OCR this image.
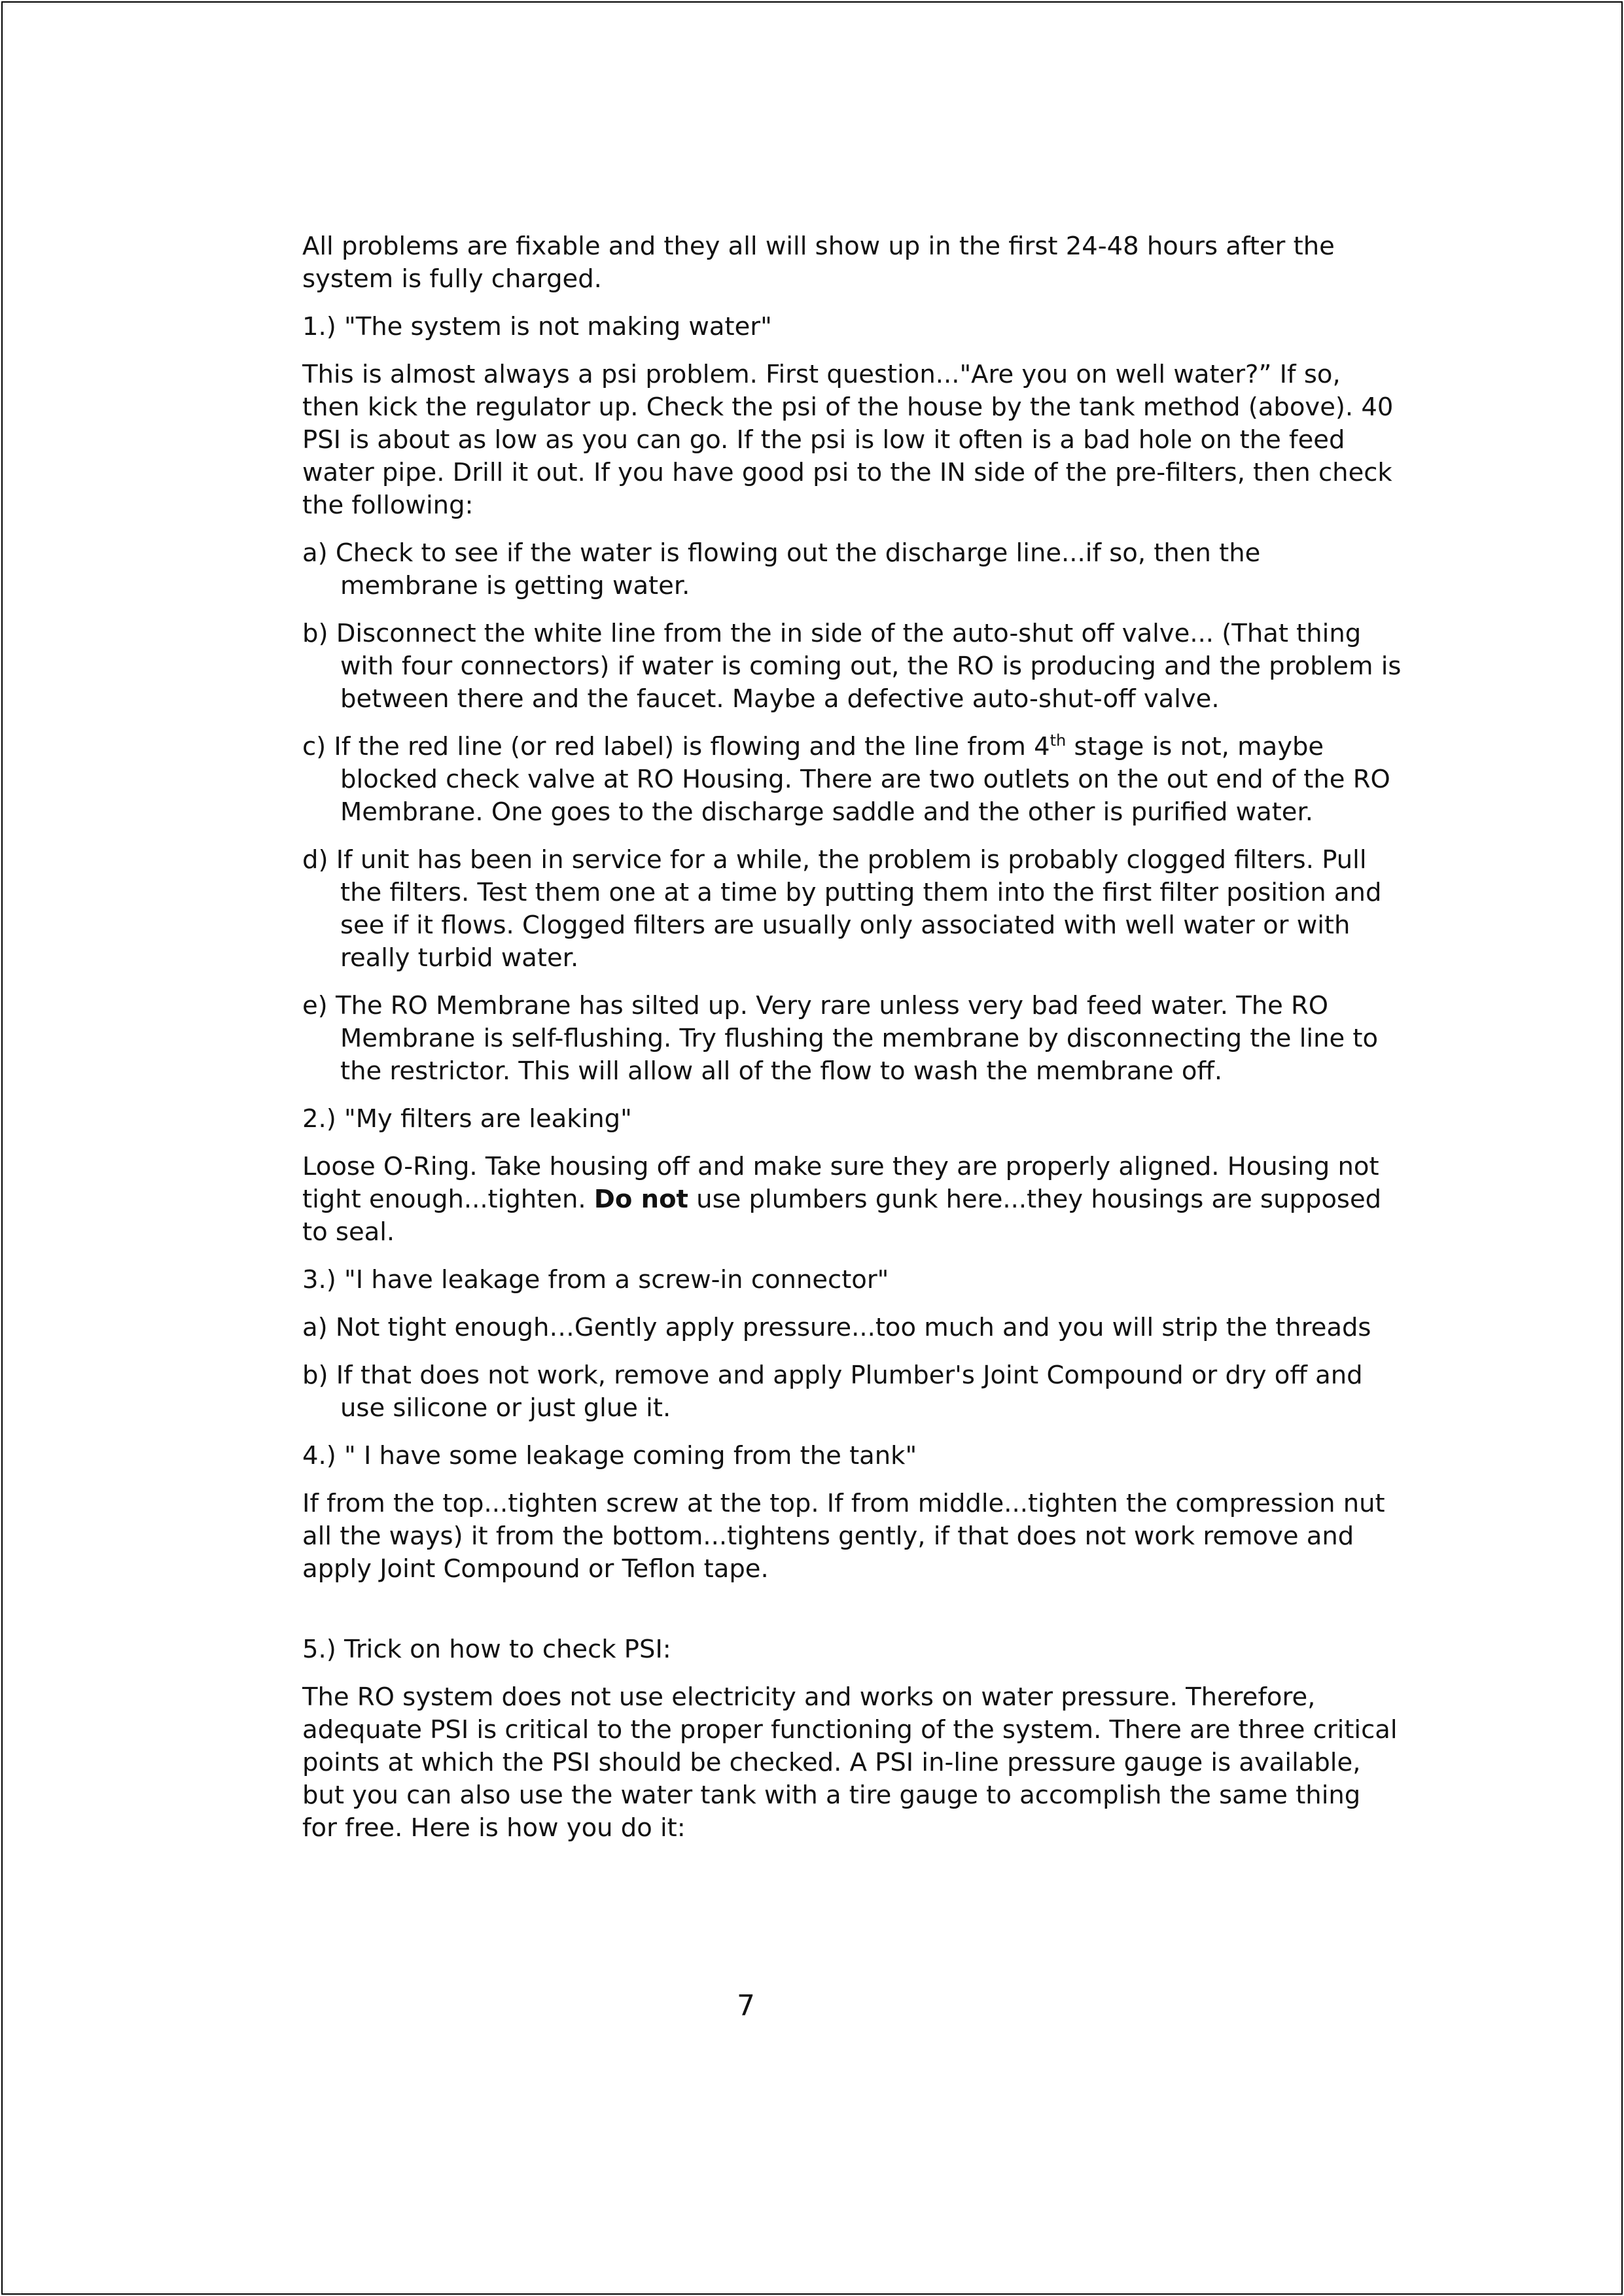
All problems are fixable and they all will show up in the first 24-48 hours after the system is fully charged.

1.) "The system is not making water"

This is almost always a psi problem. First question..."Are you on well water?” If so, then kick the regulator up. Check the psi of the house by the tank method (above). 40 PSI is about as low as you can go. If the psi is low it often is a bad hole on the feed water pipe. Drill it out. If you have good psi to the IN side of the pre-filters, then check the following:

a) Check to see if the water is flowing out the discharge line...if so, then the membrane is getting water.

b) Disconnect the white line from the in side of the auto-shut off valve... (That thing with four connectors) if water is coming out, the RO is producing and the problem is between there and the faucet. Maybe a defective auto-shut-off valve.

c) If the red line (or red label) is flowing and the line from 4th stage is not, maybe blocked check valve at RO Housing. There are two outlets on the out end of the RO Membrane. One goes to the discharge saddle and the other is purified water.

d) If unit has been in service for a while, the problem is probably clogged filters. Pull the filters. Test them one at a time by putting them into the first filter position and see if it flows. Clogged filters are usually only associated with well water or with really turbid water.

e) The RO Membrane has silted up. Very rare unless very bad feed water. The RO Membrane is self-flushing. Try flushing the membrane by disconnecting the line to the restrictor. This will allow all of the flow to wash the membrane off.

2.) "My filters are leaking"

Loose O-Ring. Take housing off and make sure they are properly aligned. Housing not tight enough...tighten. Do not use plumbers gunk here...they housings are supposed to seal.

3.) "I have leakage from a screw-in connector"

a) Not tight enough…Gently apply pressure...too much and you will strip the threads

b) If that does not work, remove and apply Plumber's Joint Compound or dry off and use silicone or just glue it.

4.) " I have some leakage coming from the tank"

If from the top...tighten screw at the top. If from middle...tighten the compression nut all the ways) it from the bottom...tightens gently, if that does not work remove and apply Joint Compound or Teflon tape.

5.) Trick on how to check PSI:

The RO system does not use electricity and works on water pressure. Therefore, adequate PSI is critical to the proper functioning of the system. There are three critical points at which the PSI should be checked. A PSI in-line pressure gauge is available, but you can also use the water tank with a tire gauge to accomplish the same thing for free. Here is how you do it:

7
